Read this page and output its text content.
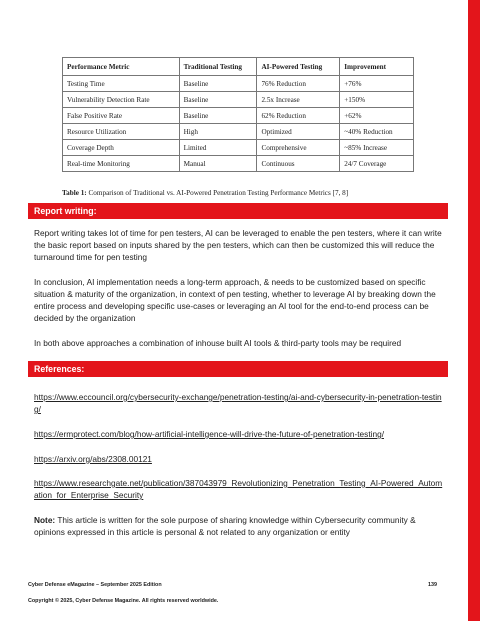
Performance Metric	Traditional Testing	AI-Powered Testing	Improvement
Testing Time	Baseline	76% Reduction	+76%
Vulnerability Detection Rate	Baseline	2.5x Increase	+150%
False Positive Rate	Baseline	62% Reduction	+62%
Resource Utilization	High	Optimized	~40% Reduction
Coverage Depth	Limited	Comprehensive	~85% Increase
Real-time Monitoring	Manual	Continuous	24/7 Coverage
Table 1: Comparison of Traditional vs. AI-Powered Penetration Testing Performance Metrics [7, 8]
Report writing:

Report writing takes lot of time for pen testers, AI can be leveraged to enable the pen testers, where it can write the basic report based on inputs shared by the pen testers, which can then be customized this will reduce the turnaround time for pen testing

In conclusion, AI implementation needs a long-term approach, & needs to be customized based on specific situation & maturity of the organization, in context of pen testing, whether to leverage AI by breaking down the entire process and developing specific use-cases or leveraging an AI tool for the end-to-end process can be decided by the organization

In both above approaches a combination of inhouse built AI tools & third-party tools may be required

References:
https://www.eccouncil.org/cybersecurity-exchange/penetration-testing/ai-and-cybersecurity-in-penetration-testing/
https://ermprotect.com/blog/how-artificial-intelligence-will-drive-the-future-of-penetration-testing/
https://arxiv.org/abs/2308.00121
https://www.researchgate.net/publication/387043979_Revolutionizing_Penetration_Testing_AI-Powered_Automation_for_Enterprise_Security

Note: This article is written for the sole purpose of sharing knowledge within Cybersecurity community & opinions expressed in this article is personal & not related to any organization or entity

Cyber Defense eMagazine – September 2025 Edition	139
Copyright © 2025, Cyber Defense Magazine. All rights reserved worldwide.
